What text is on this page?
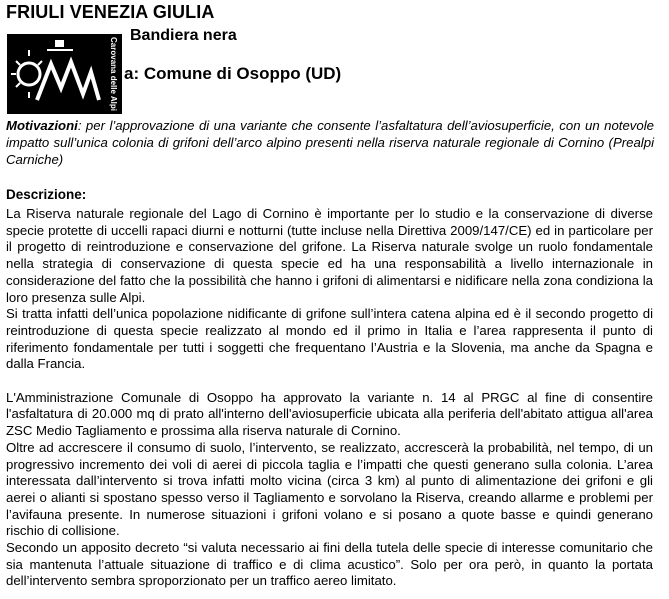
FRIULI VENEZIA GIULIA
Carovana delle Alpi
Bandiera nera
a: Comune di Osoppo (UD)
Motivazioni: per l’approvazione di una variante che consente l’asfaltatura dell’aviosuperficie, con un notevole impatto sull’unica colonia di grifoni dell’arco alpino presenti nella riserva naturale regionale di Cornino (Prealpi Carniche)
Descrizione:

La Riserva naturale regionale del Lago di Cornino è importante per lo studio e la conservazione di diverse specie protette di uccelli rapaci diurni e notturni (tutte incluse nella Direttiva 2009/147/CE) ed in particolare per il progetto di reintroduzione e conservazione del grifone. La Riserva naturale svolge un ruolo fondamentale nella strategia di conservazione di questa specie ed ha una responsabilità a livello internazionale in considerazione del fatto che la possibilità che hanno i grifoni di alimentarsi e nidificare nella zona condiziona la loro presenza sulle Alpi.

Si tratta infatti dell’unica popolazione nidificante di grifone sull’intera catena alpina ed è il secondo progetto di reintroduzione di questa specie realizzato al mondo ed il primo in Italia e l’area rappresenta il punto di riferimento fondamentale per tutti i soggetti che frequentano l’Austria e la Slovenia, ma anche da Spagna e dalla Francia.

L'Amministrazione Comunale di Osoppo ha approvato la variante n. 14 al PRGC al fine di consentire l'asfaltatura di 20.000 mq di prato all'interno dell'aviosuperficie ubicata alla periferia dell'abitato attigua all'area ZSC Medio Tagliamento e prossima alla riserva naturale di Cornino.

Oltre ad accrescere il consumo di suolo, l’intervento, se realizzato, accrescerà la probabilità, nel tempo, di un progressivo incremento dei voli di aerei di piccola taglia e l’impatti che questi generano sulla colonia. L’area interessata dall’intervento si trova infatti molto vicina (circa 3 km) al punto di alimentazione dei grifoni e gli aerei o alianti si spostano spesso verso il Tagliamento e sorvolano la Riserva, creando allarme e problemi per l’avifauna presente. In numerose situazioni i grifoni volano e si posano a quote basse e quindi generano rischio di collisione.

Secondo un apposito decreto “si valuta necessario ai fini della tutela delle specie di interesse comunitario che sia mantenuta l’attuale situazione di traffico e di clima acustico”. Solo per ora però, in quanto la portata dell’intervento sembra sproporzionato per un traffico aereo limitato.
